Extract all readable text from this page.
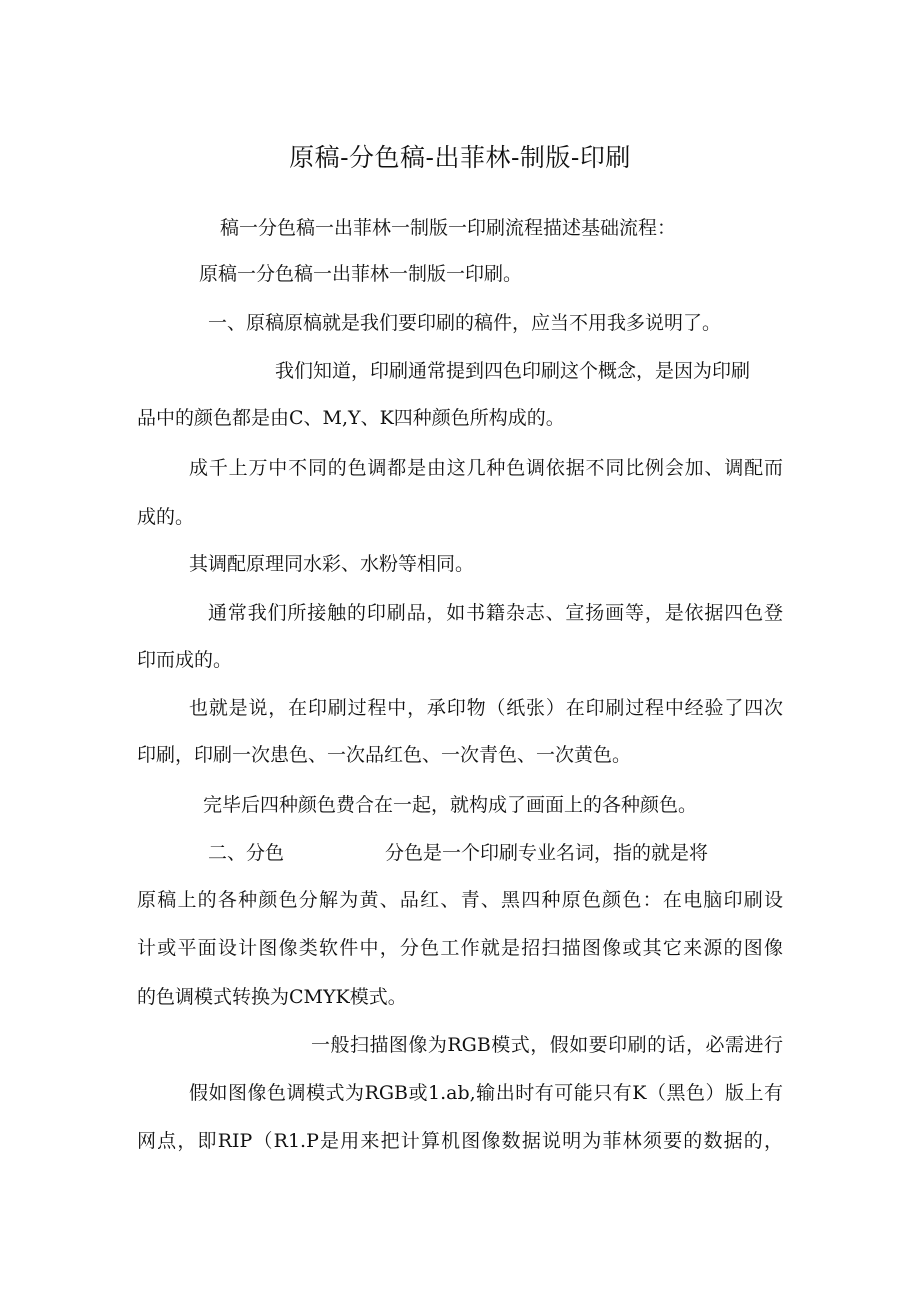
原稿-分色稿-出菲林-制版-印刷

稿一分色稿一出菲林一制版一印刷流程描述基础流程：

原稿一分色稿一出菲林一制版一印刷。

一、原稿原槁就是我们要印刷的稿件，应当不用我多说明了。

我们知道，印刷通常提到四色印刷这个概念，是因为印刷

品中的颜色都是由C、M,Y、K四种颜色所构成的。

成千上万中不同的色调都是由这几种色调依据不同比例会加、调配而

成的。

其调配原理同水彩、水粉等相同。

通常我们所接触的印刷品，如书籍杂志、宣扬画等，是依据四色登

印而成的。

也就是说，在印刷过程中，承印物（纸张）在印刷过程中经验了四次

印刷，印刷一次患色、一次品红色、一次青色、一次黄色。

完毕后四种颜色费合在一起，就构成了画面上的各种颜色。

二、分色	分色是一个印刷专业名词，指的就是将

原稿上的各种颜色分解为黄、品红、青、黑四种原色颜色：在电脑印刷设

计或平面设计图像类软件中，分色工作就是招扫描图像或其它来源的图像

的色调模式转换为CMYK模式。

一般扫描图像为RGB模式，假如要印刷的话，必需进行

假如图像色调模式为RGB或1.ab,输出时有可能只有K（黑色）版上有

网点，即RIP（R1.P是用来把计算机图像数据说明为菲林须要的数据的，
